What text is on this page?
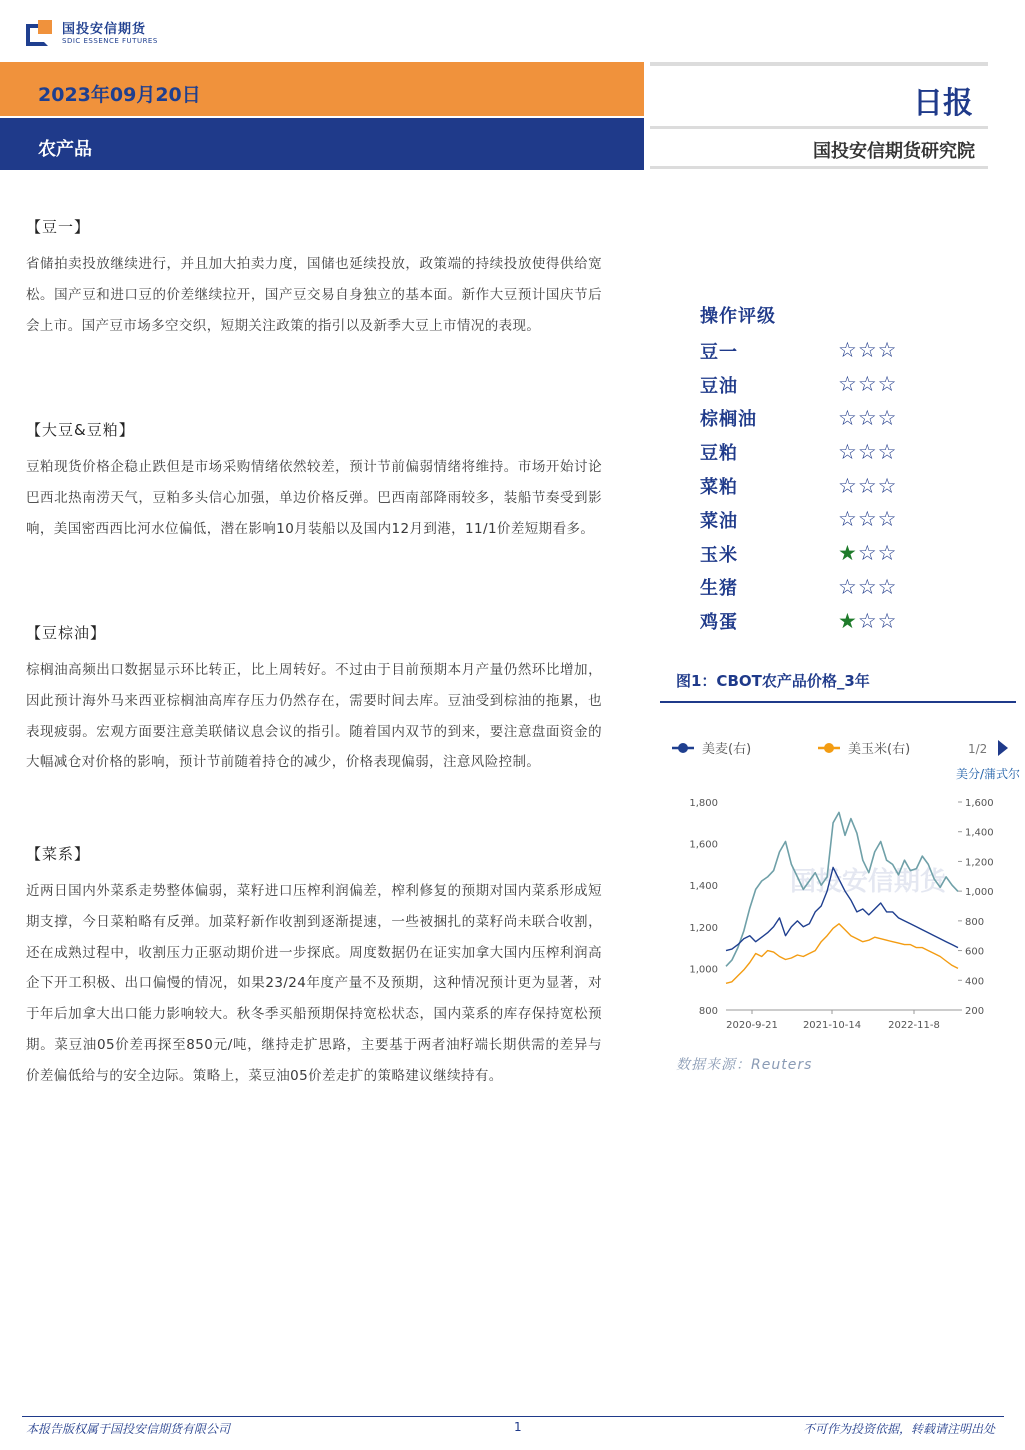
国投安信期货
SDIC ESSENCE FUTURES
2023年09月20日
农产品
日报
国投安信期货研究院
【豆一】
省储拍卖投放继续进行，并且加大拍卖力度，国储也延续投放，政策端的持续投放使得供给宽松。国产豆和进口豆的价差继续拉开，国产豆交易自身独立的基本面。新作大豆预计国庆节后会上市。国产豆市场多空交织，短期关注政策的指引以及新季大豆上市情况的表现。
【大豆&豆粕】
豆粕现货价格企稳止跌但是市场采购情绪依然较差，预计节前偏弱情绪将维持。市场开始讨论巴西北热南涝天气，豆粕多头信心加强，单边价格反弹。巴西南部降雨较多，装船节奏受到影响，美国密西西比河水位偏低，潜在影响10月装船以及国内12月到港，11/1价差短期看多。
【豆棕油】
棕榈油高频出口数据显示环比转正，比上周转好。不过由于目前预期本月产量仍然环比增加，因此预计海外马来西亚棕榈油高库存压力仍然存在，需要时间去库。豆油受到棕油的拖累，也表现疲弱。宏观方面要注意美联储议息会议的指引。随着国内双节的到来，要注意盘面资金的大幅减仓对价格的影响，预计节前随着持仓的减少，价格表现偏弱，注意风险控制。
【菜系】
近两日国内外菜系走势整体偏弱，菜籽进口压榨利润偏差，榨利修复的预期对国内菜系形成短期支撑，今日菜粕略有反弹。加菜籽新作收割到逐渐提速，一些被捆扎的菜籽尚未联合收割，还在成熟过程中，收割压力正驱动期价进一步探底。周度数据仍在证实加拿大国内压榨利润高企下开工积极、出口偏慢的情况，如果23/24年度产量不及预期，这种情况预计更为显著，对于年后加拿大出口能力影响较大。秋冬季买船预期保持宽松状态，国内菜系的库存保持宽松预期。菜豆油05价差再探至850元/吨，继持走扩思路，主要基于两者油籽端长期供需的差异与价差偏低给与的安全边际。策略上，菜豆油05价差走扩的策略建议继续持有。
操作评级
豆一	☆ ☆ ☆
豆油	☆ ☆ ☆
棕榈油	☆ ☆ ☆
豆粕	☆ ☆ ☆
菜粕	☆ ☆ ☆
菜油	☆ ☆ ☆
玉米	★ ☆ ☆
生猪	☆ ☆ ☆
鸡蛋	★ ☆ ☆
图1：CBOT农产品价格_3年
国投安信期货
美麦(右)	美玉米(右)	1/2
美分/蒲式尔
1,800
1,600
1,400
1,200
1,000
800
1,600
1,400
1,200
1,000
800
600
400
200
2020-9-21	2021-10-14	2022-11-8
数据来源：Reuters
本报告版权属于国投安信期货有限公司	1	不可作为投资依据，转载请注明出处
